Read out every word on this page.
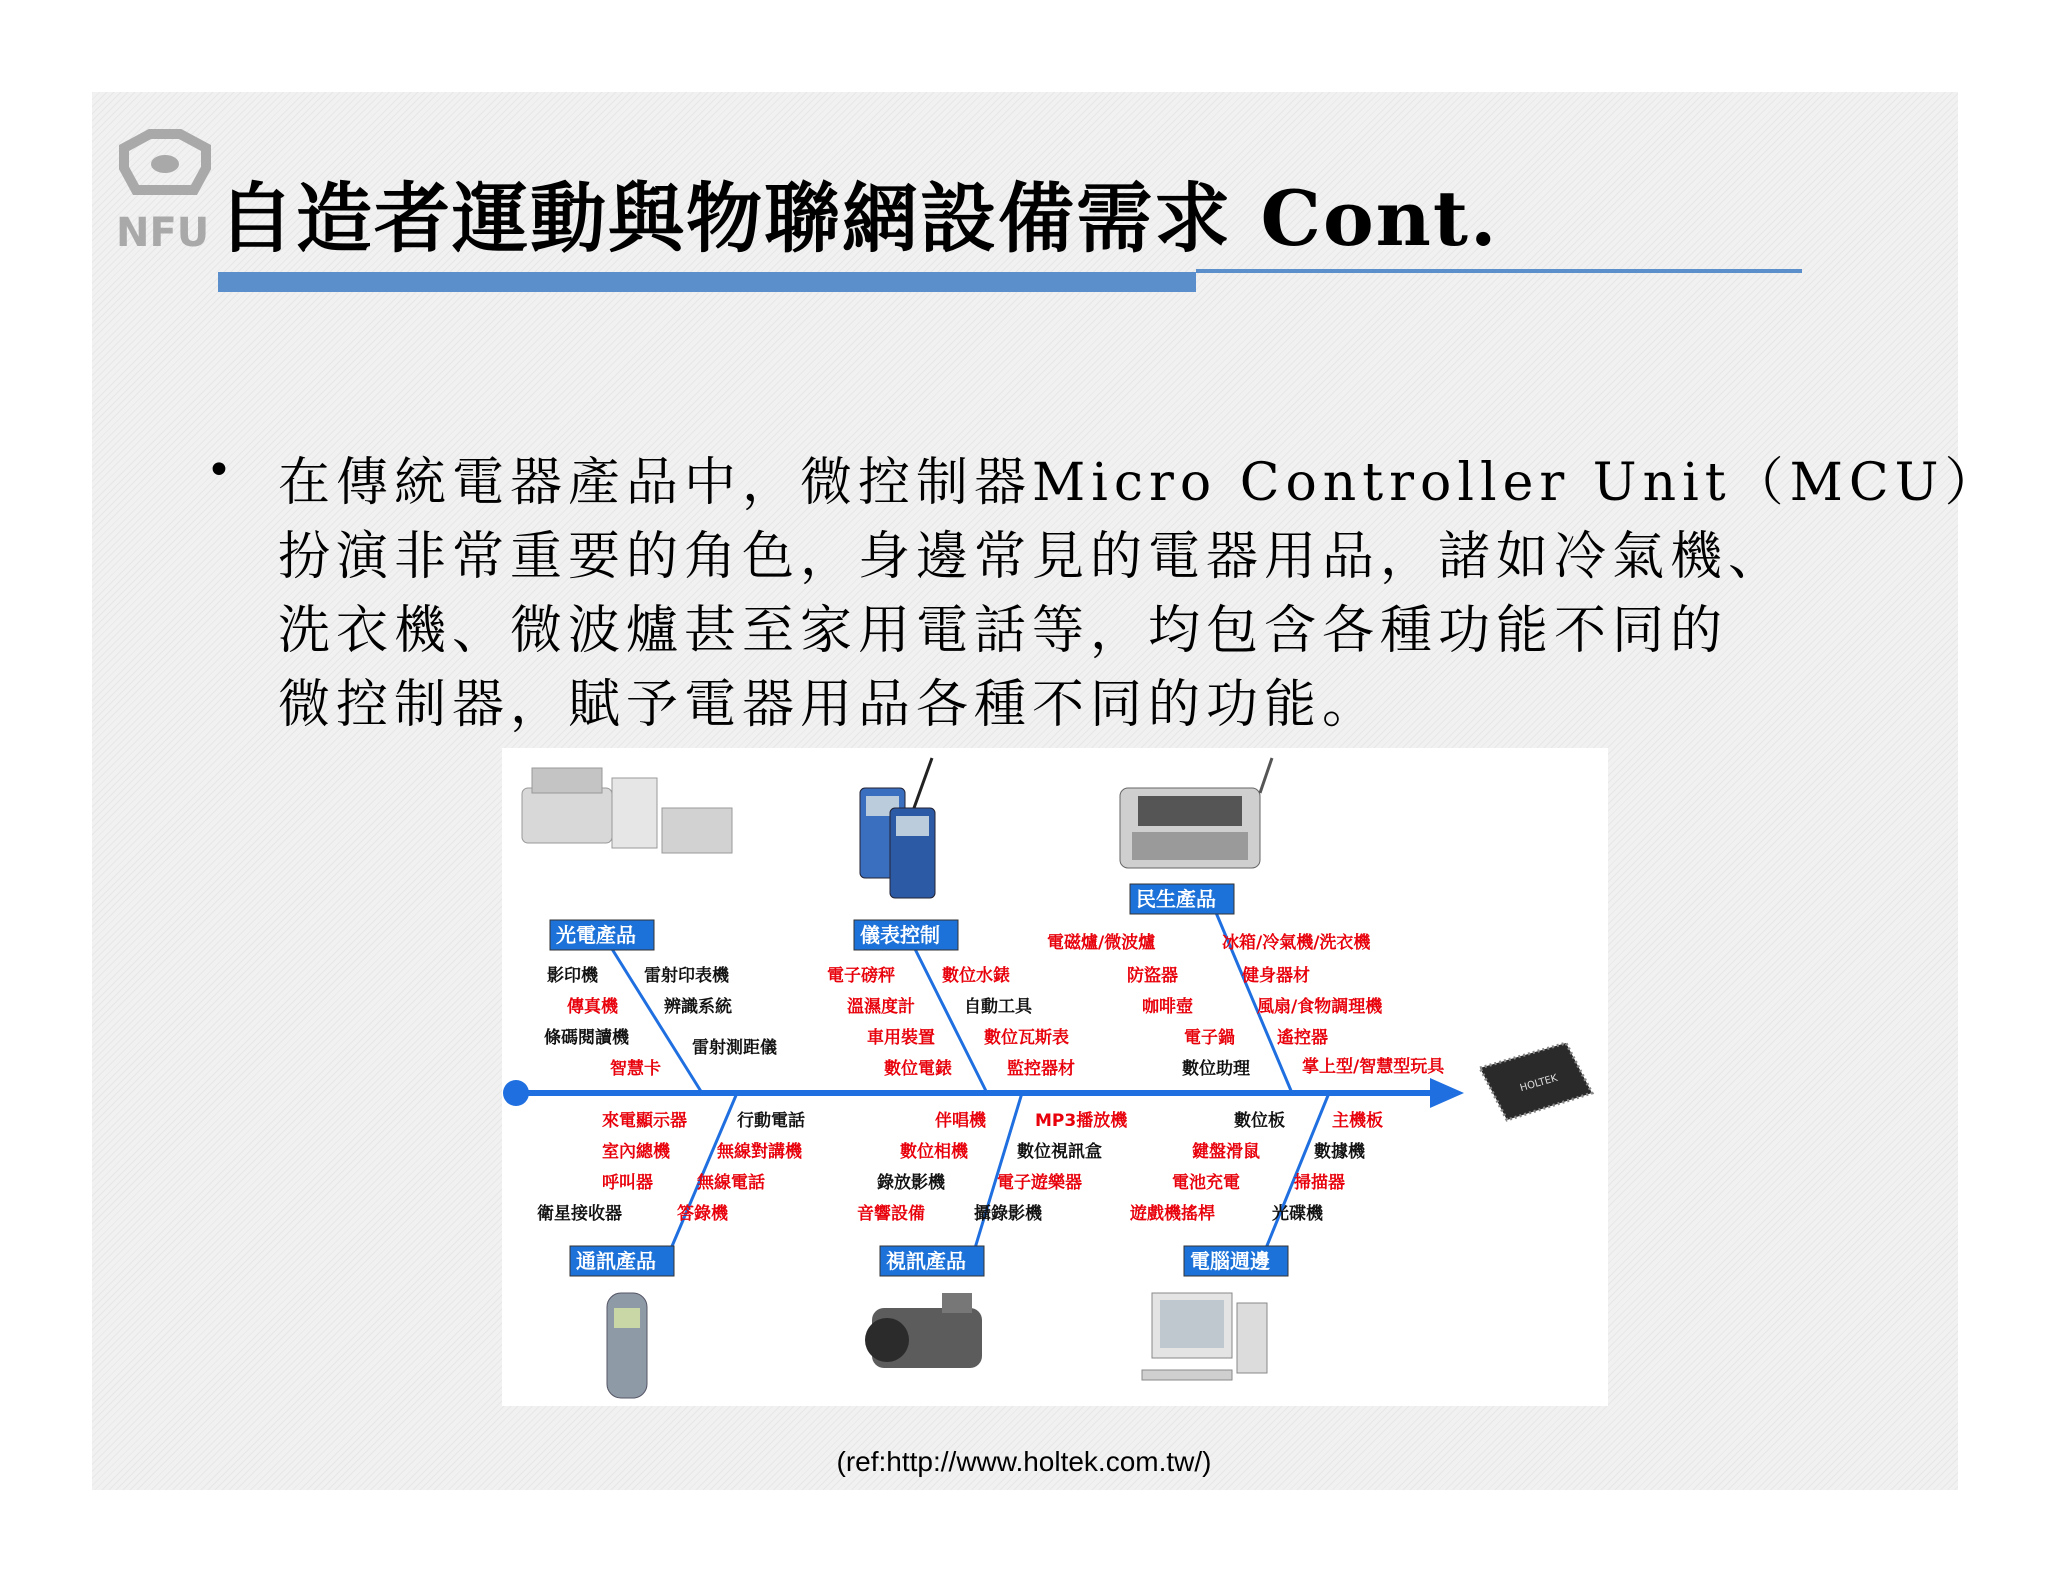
NFU 自造者運動與物聯網設備需求 Cont.
• 在傳統電器產品中，微控制器Micro Controller Unit（MCU）
扮演非常重要的角色，身邊常見的電器用品，諸如冷氣機、
洗衣機、微波爐甚至家用電話等，均包含各種功能不同的
微控制器，賦予電器用品各種不同的功能。
HOLTEK
光電產品	儀表控制
民生產品
通訊產品	視訊產品	電腦週邊
影印機	雷射印表機
傳真機	辨識系統
條碼閱讀機	雷射測距儀
智慧卡
電子磅秤	數位水錶
溫濕度計	自動工具
車用裝置	數位瓦斯表
數位電錶	監控器材
電磁爐/微波爐	冰箱/冷氣機/洗衣機
防盜器	健身器材
咖啡壺	風扇/食物調理機
電子鍋 遙控器
數位助理	掌上型/智慧型玩具
來電顯示器	行動電話
室內總機	無線對講機
呼叫器	無線電話
衛星接收器	答錄機
伴唱機	MP3播放機
數位相機	數位視訊盒
錄放影機	電子遊樂器
音響設備	攝錄影機
數位板	主機板
鍵盤滑鼠	數據機
電池充電	掃描器
遊戲機搖桿	光碟機
(ref:http://www.holtek.com.tw/)
